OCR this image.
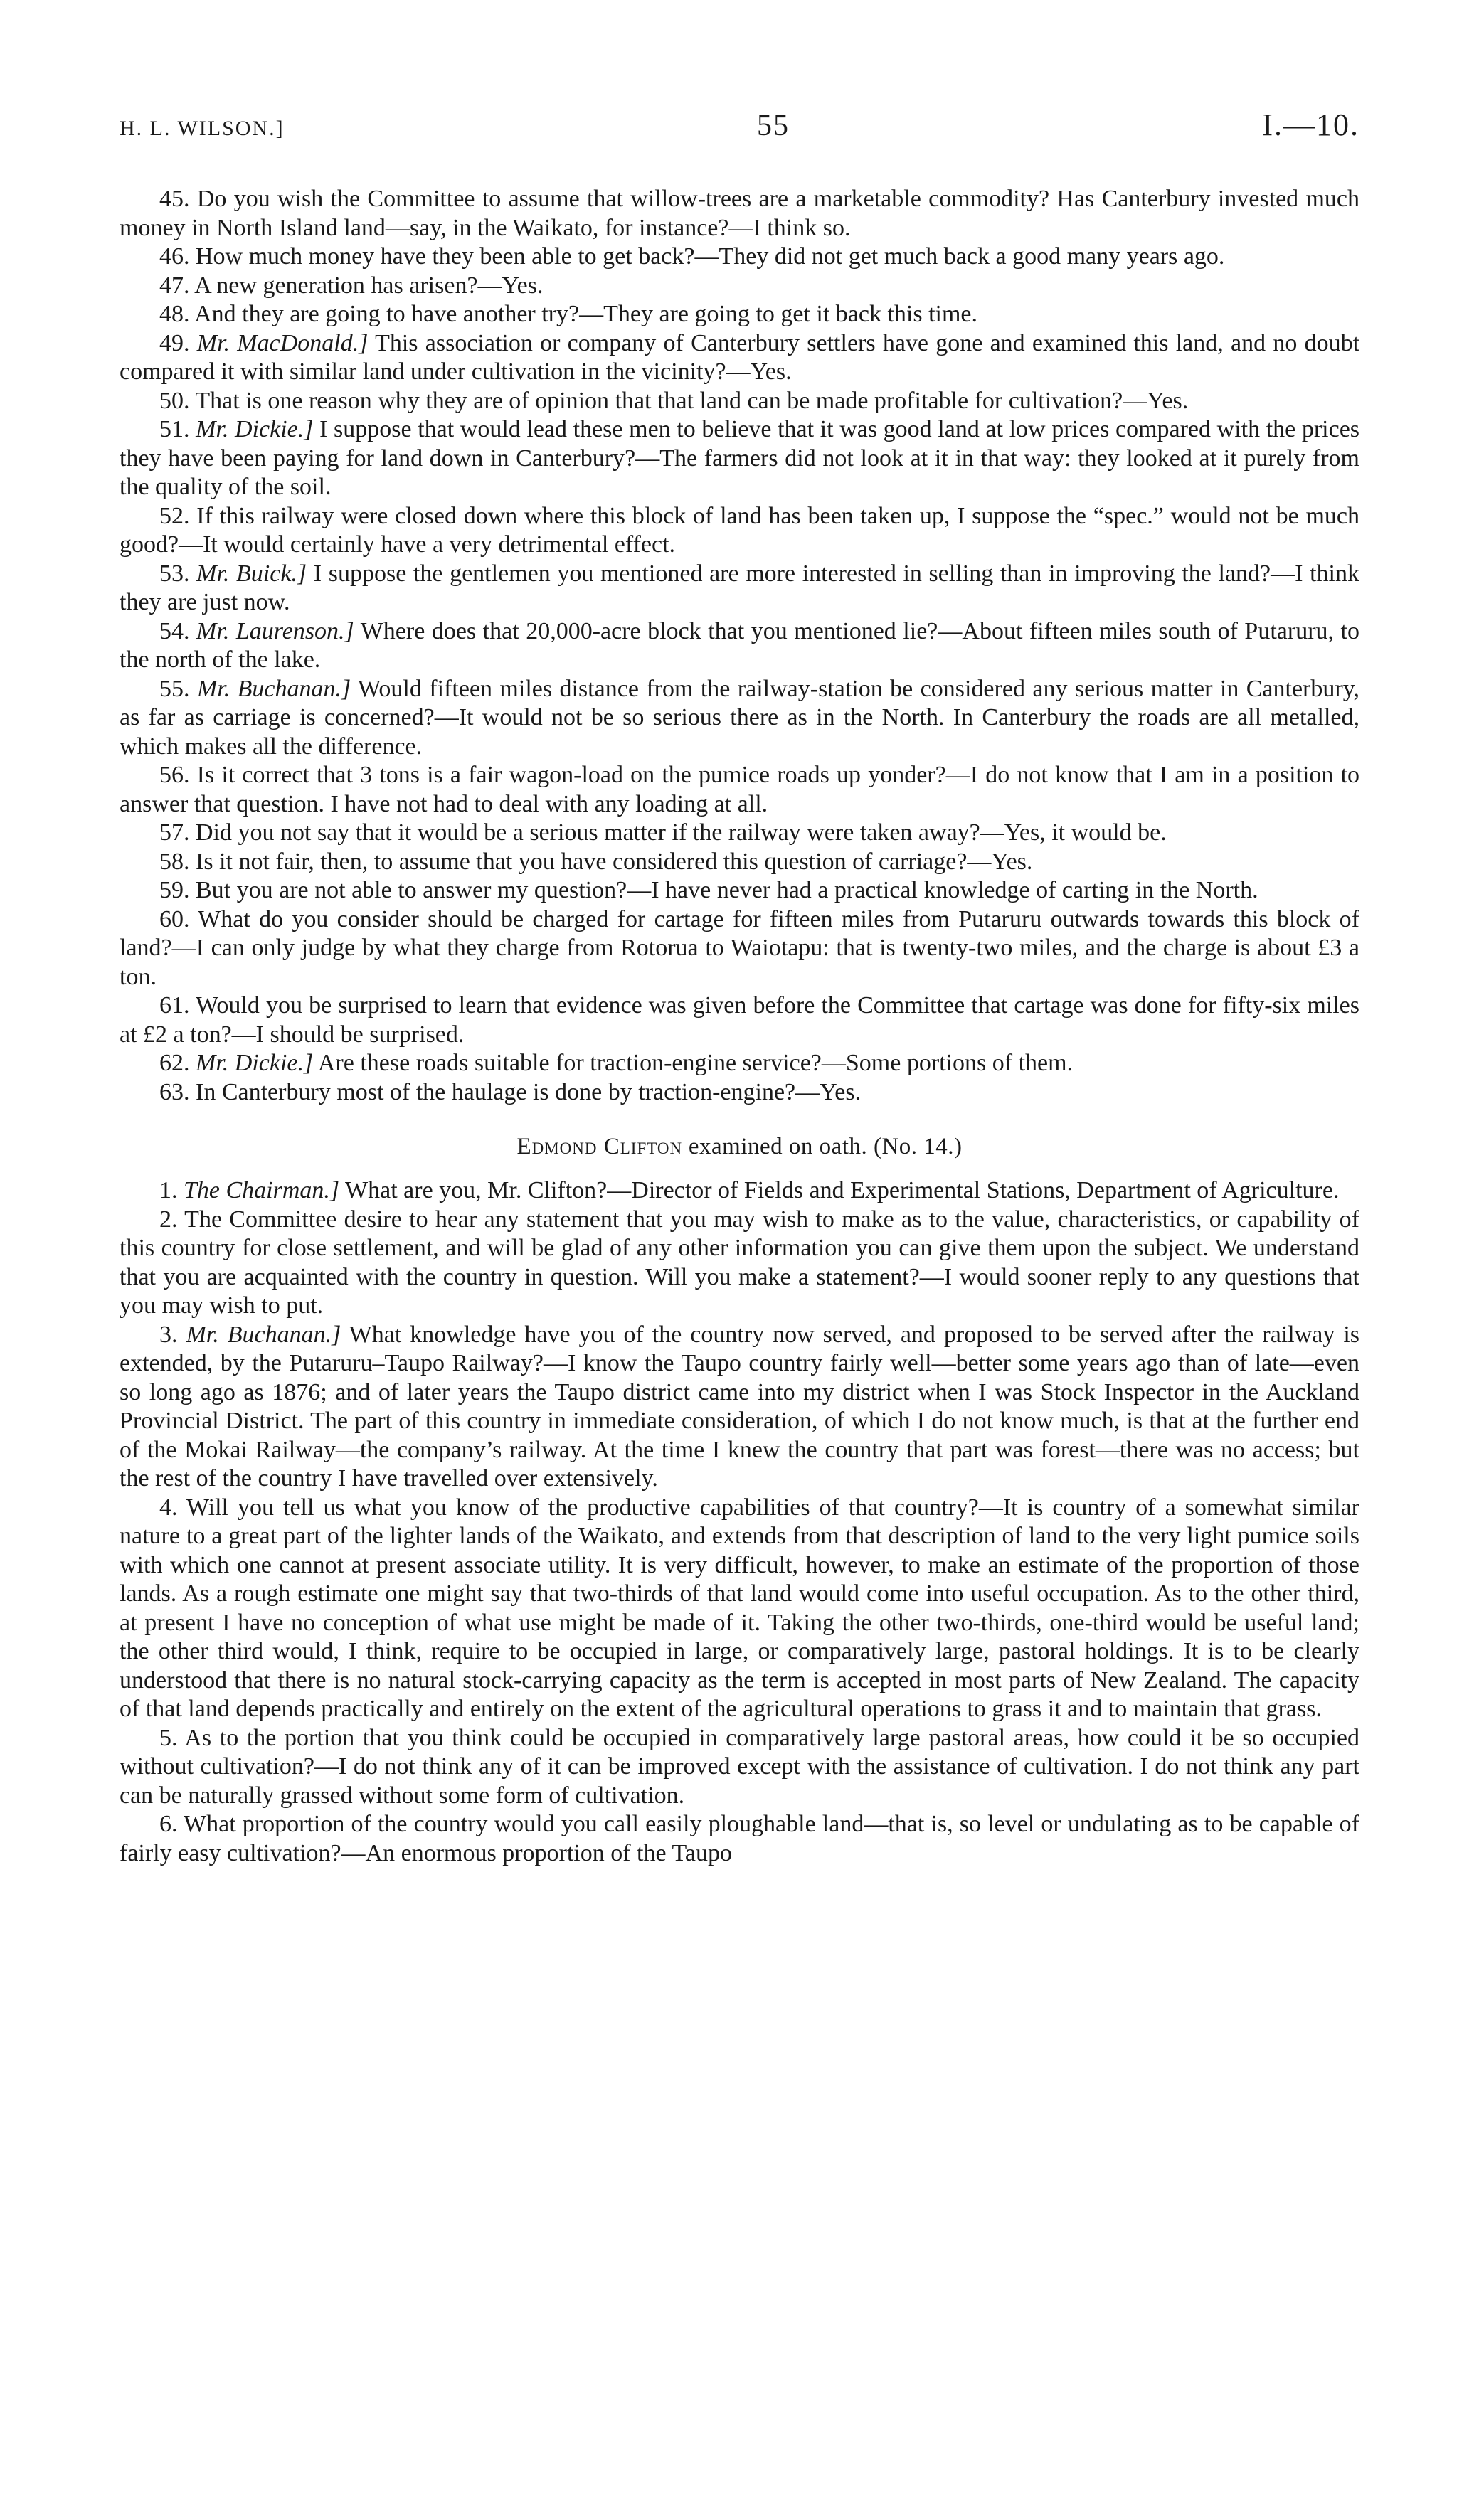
H. L. WILSON.]	55	I.—10.

45. Do you wish the Committee to assume that willow-trees are a marketable commodity? Has Canterbury invested much money in North Island land—say, in the Waikato, for instance?—I think so.

46. How much money have they been able to get back?—They did not get much back a good many years ago.

47. A new generation has arisen?—Yes.

48. And they are going to have another try?—They are going to get it back this time.

49. Mr. MacDonald.] This association or company of Canterbury settlers have gone and examined this land, and no doubt compared it with similar land under cultivation in the vicinity?—Yes.

50. That is one reason why they are of opinion that that land can be made profitable for cultivation?—Yes.

51. Mr. Dickie.] I suppose that would lead these men to believe that it was good land at low prices compared with the prices they have been paying for land down in Canterbury?—The farmers did not look at it in that way: they looked at it purely from the quality of the soil.

52. If this railway were closed down where this block of land has been taken up, I suppose the “spec.” would not be much good?—It would certainly have a very detrimental effect.

53. Mr. Buick.] I suppose the gentlemen you mentioned are more interested in selling than in improving the land?—I think they are just now.

54. Mr. Laurenson.] Where does that 20,000-acre block that you mentioned lie?—About fifteen miles south of Putaruru, to the north of the lake.

55. Mr. Buchanan.] Would fifteen miles distance from the railway-station be considered any serious matter in Canterbury, as far as carriage is concerned?—It would not be so serious there as in the North. In Canterbury the roads are all metalled, which makes all the difference.

56. Is it correct that 3 tons is a fair wagon-load on the pumice roads up yonder?—I do not know that I am in a position to answer that question. I have not had to deal with any loading at all.

57. Did you not say that it would be a serious matter if the railway were taken away?—Yes, it would be.

58. Is it not fair, then, to assume that you have considered this question of carriage?—Yes.

59. But you are not able to answer my question?—I have never had a practical knowledge of carting in the North.

60. What do you consider should be charged for cartage for fifteen miles from Putaruru outwards towards this block of land?—I can only judge by what they charge from Rotorua to Waiotapu: that is twenty-two miles, and the charge is about £3 a ton.

61. Would you be surprised to learn that evidence was given before the Committee that cartage was done for fifty-six miles at £2 a ton?—I should be surprised.

62. Mr. Dickie.] Are these roads suitable for traction-engine service?—Some portions of them.

63. In Canterbury most of the haulage is done by traction-engine?—Yes.

Edmond Clifton examined on oath. (No. 14.)

1. The Chairman.] What are you, Mr. Clifton?—Director of Fields and Experimental Stations, Department of Agriculture.

2. The Committee desire to hear any statement that you may wish to make as to the value, characteristics, or capability of this country for close settlement, and will be glad of any other information you can give them upon the subject. We understand that you are acquainted with the country in question. Will you make a statement?—I would sooner reply to any questions that you may wish to put.

3. Mr. Buchanan.] What knowledge have you of the country now served, and proposed to be served after the railway is extended, by the Putaruru–Taupo Railway?—I know the Taupo country fairly well—better some years ago than of late—even so long ago as 1876; and of later years the Taupo district came into my district when I was Stock Inspector in the Auckland Provincial District. The part of this country in immediate consideration, of which I do not know much, is that at the further end of the Mokai Railway—the company’s railway. At the time I knew the country that part was forest—there was no access; but the rest of the country I have travelled over extensively.

4. Will you tell us what you know of the productive capabilities of that country?—It is country of a somewhat similar nature to a great part of the lighter lands of the Waikato, and extends from that description of land to the very light pumice soils with which one cannot at present associate utility. It is very difficult, however, to make an estimate of the proportion of those lands. As a rough estimate one might say that two-thirds of that land would come into useful occupation. As to the other third, at present I have no conception of what use might be made of it. Taking the other two-thirds, one-third would be useful land; the other third would, I think, require to be occupied in large, or comparatively large, pastoral holdings. It is to be clearly understood that there is no natural stock-carrying capacity as the term is accepted in most parts of New Zealand. The capacity of that land depends practically and entirely on the extent of the agricultural operations to grass it and to maintain that grass.

5. As to the portion that you think could be occupied in comparatively large pastoral areas, how could it be so occupied without cultivation?—I do not think any of it can be improved except with the assistance of cultivation. I do not think any part can be naturally grassed without some form of cultivation.

6. What proportion of the country would you call easily ploughable land—that is, so level or undulating as to be capable of fairly easy cultivation?—An enormous proportion of the Taupo
